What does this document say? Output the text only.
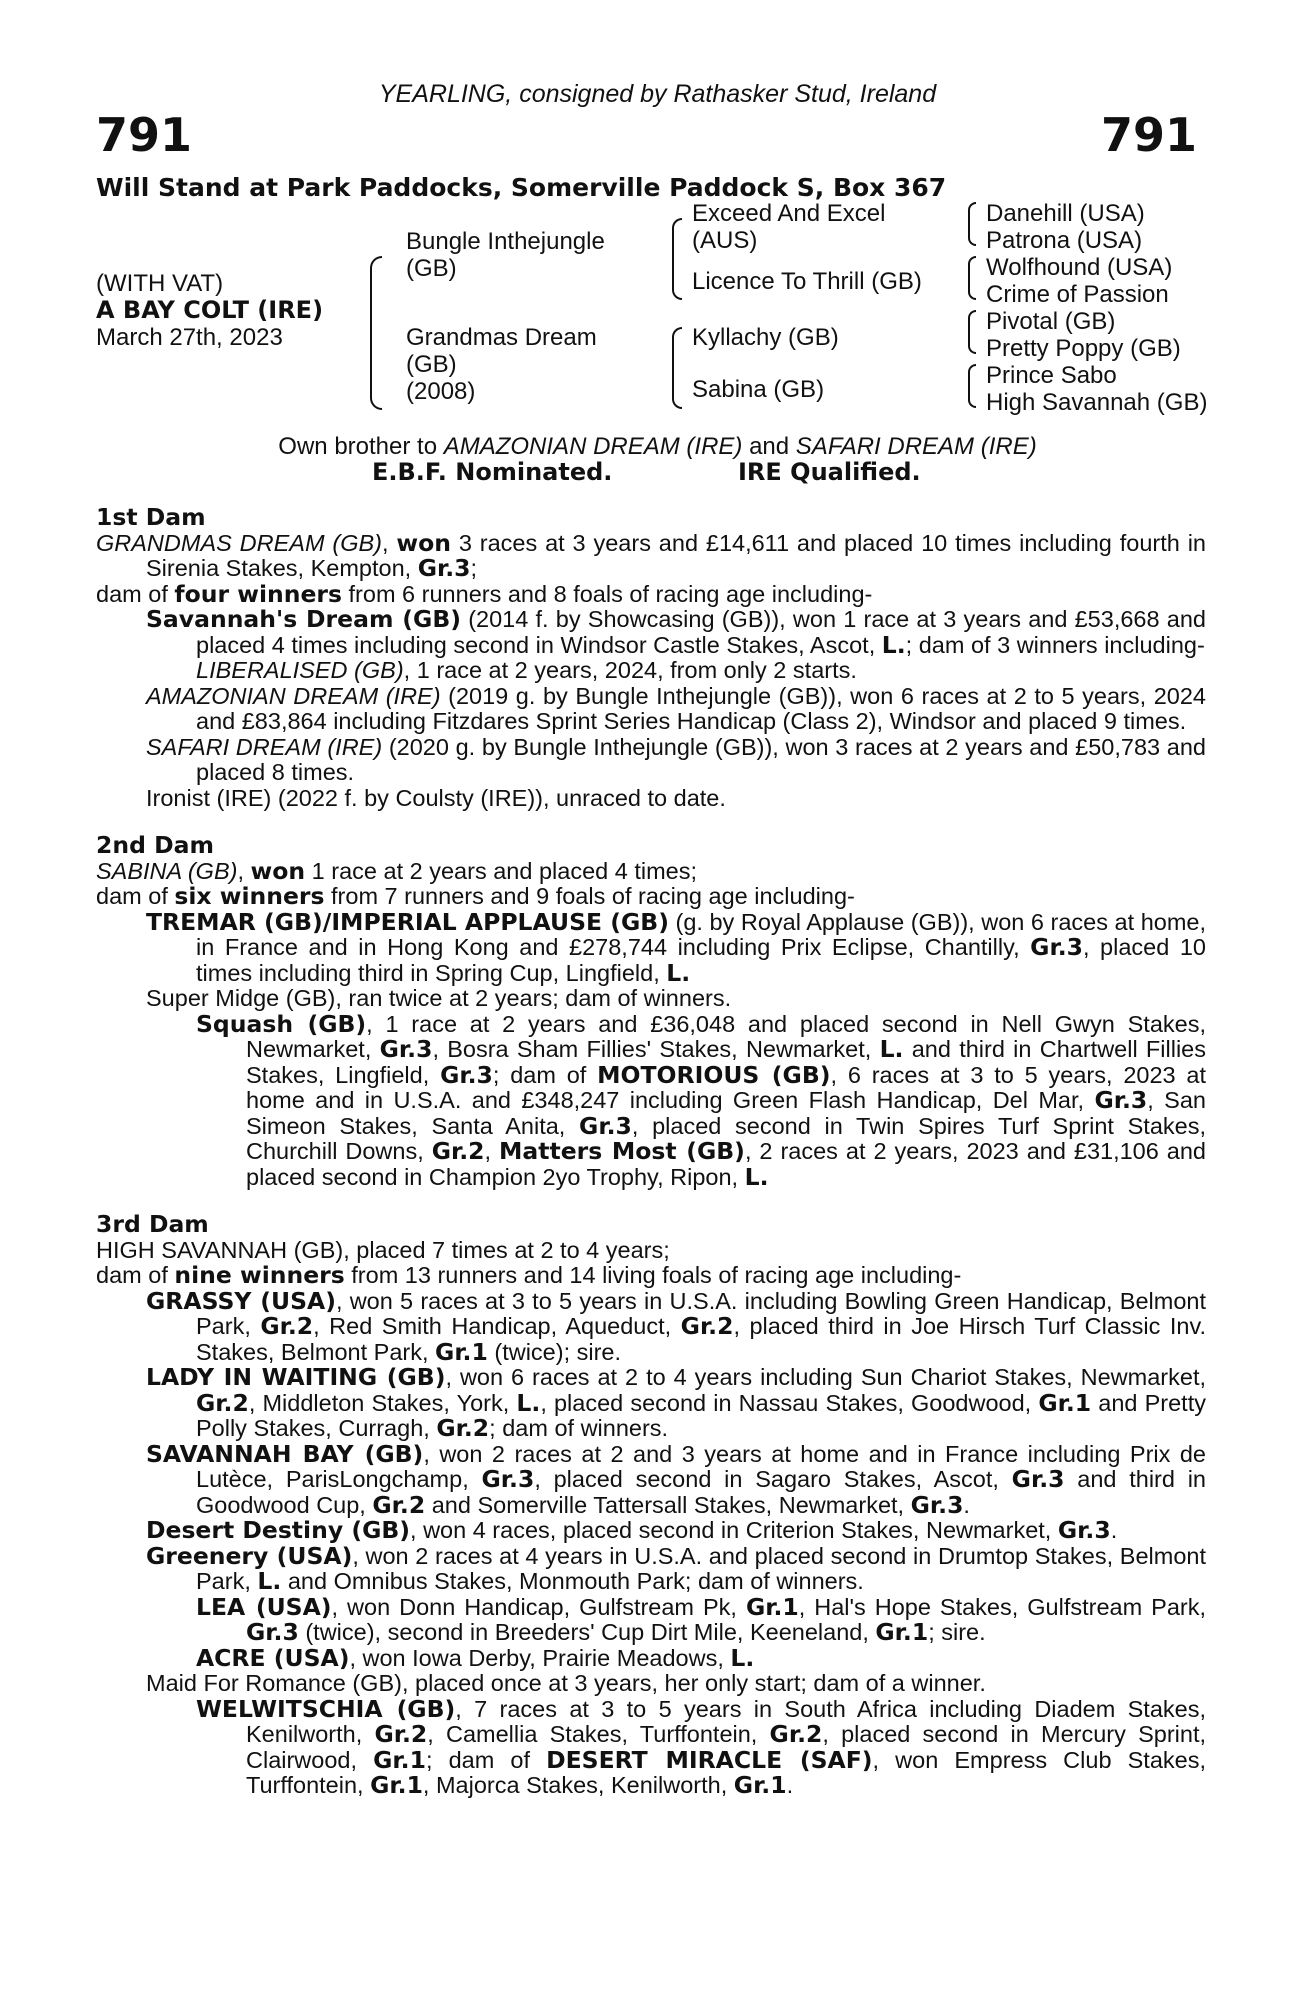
YEARLING, consigned by Rathasker Stud, Ireland
791	791
Will Stand at Park Paddocks, Somerville Paddock S, Box 367
(WITH VAT)
A BAY COLT (IRE)
March 27th, 2023
Bungle Inthejungle
(GB)
Grandmas Dream
(GB)
(2008)
Exceed And Excel
(AUS)
Licence To Thrill (GB)
Kyllachy (GB)
Sabina (GB)
Danehill (USA)
Patrona (USA)
Wolfhound (USA)
Crime of Passion
Pivotal (GB)
Pretty Poppy (GB)
Prince Sabo
High Savannah (GB)
Own brother to AMAZONIAN DREAM (IRE) and SAFARI DREAM (IRE)
E.B.F. Nominated.	IRE Qualified.
1st Dam
GRANDMAS DREAM (GB), won 3 races at 3 years and £14,611 and placed 10 times including fourth in Sirenia Stakes, Kempton, Gr.3;
dam of four winners from 6 runners and 8 foals of racing age including-
Savannah's Dream (GB) (2014 f. by Showcasing (GB)), won 1 race at 3 years and £53,668 and placed 4 times including second in Windsor Castle Stakes, Ascot, L.; dam of 3 winners including-
LIBERALISED (GB), 1 race at 2 years, 2024, from only 2 starts.
AMAZONIAN DREAM (IRE) (2019 g. by Bungle Inthejungle (GB)), won 6 races at 2 to 5 years, 2024 and £83,864 including Fitzdares Sprint Series Handicap (Class 2), Windsor and placed 9 times.
SAFARI DREAM (IRE) (2020 g. by Bungle Inthejungle (GB)), won 3 races at 2 years and £50,783 and placed 8 times.
Ironist (IRE) (2022 f. by Coulsty (IRE)), unraced to date.
2nd Dam
SABINA (GB), won 1 race at 2 years and placed 4 times;
dam of six winners from 7 runners and 9 foals of racing age including-
TREMAR (GB)/IMPERIAL APPLAUSE (GB) (g. by Royal Applause (GB)), won 6 races at home, in France and in Hong Kong and £278,744 including Prix Eclipse, Chantilly, Gr.3, placed 10 times including third in Spring Cup, Lingfield, L.
Super Midge (GB), ran twice at 2 years; dam of winners.
Squash (GB), 1 race at 2 years and £36,048 and placed second in Nell Gwyn Stakes, Newmarket, Gr.3, Bosra Sham Fillies' Stakes, Newmarket, L. and third in Chartwell Fillies Stakes, Lingfield, Gr.3; dam of MOTORIOUS (GB), 6 races at 3 to 5 years, 2023 at home and in U.S.A. and £348,247 including Green Flash Handicap, Del Mar, Gr.3, San Simeon Stakes, Santa Anita, Gr.3, placed second in Twin Spires Turf Sprint Stakes, Churchill Downs, Gr.2, Matters Most (GB), 2 races at 2 years, 2023 and £31,106 and placed second in Champion 2yo Trophy, Ripon, L.
3rd Dam
HIGH SAVANNAH (GB), placed 7 times at 2 to 4 years;
dam of nine winners from 13 runners and 14 living foals of racing age including-
GRASSY (USA), won 5 races at 3 to 5 years in U.S.A. including Bowling Green Handicap, Belmont Park, Gr.2, Red Smith Handicap, Aqueduct, Gr.2, placed third in Joe Hirsch Turf Classic Inv. Stakes, Belmont Park, Gr.1 (twice); sire.
LADY IN WAITING (GB), won 6 races at 2 to 4 years including Sun Chariot Stakes, Newmarket, Gr.2, Middleton Stakes, York, L., placed second in Nassau Stakes, Goodwood, Gr.1 and Pretty Polly Stakes, Curragh, Gr.2; dam of winners.
SAVANNAH BAY (GB), won 2 races at 2 and 3 years at home and in France including Prix de Lutèce, ParisLongchamp, Gr.3, placed second in Sagaro Stakes, Ascot, Gr.3 and third in Goodwood Cup, Gr.2 and Somerville Tattersall Stakes, Newmarket, Gr.3.
Desert Destiny (GB), won 4 races, placed second in Criterion Stakes, Newmarket, Gr.3.
Greenery (USA), won 2 races at 4 years in U.S.A. and placed second in Drumtop Stakes, Belmont Park, L. and Omnibus Stakes, Monmouth Park; dam of winners.
LEA (USA), won Donn Handicap, Gulfstream Pk, Gr.1, Hal's Hope Stakes, Gulfstream Park, Gr.3 (twice), second in Breeders' Cup Dirt Mile, Keeneland, Gr.1; sire.
ACRE (USA), won Iowa Derby, Prairie Meadows, L.
Maid For Romance (GB), placed once at 3 years, her only start; dam of a winner.
WELWITSCHIA (GB), 7 races at 3 to 5 years in South Africa including Diadem Stakes, Kenilworth, Gr.2, Camellia Stakes, Turffontein, Gr.2, placed second in Mercury Sprint, Clairwood, Gr.1; dam of DESERT MIRACLE (SAF), won Empress Club Stakes, Turffontein, Gr.1, Majorca Stakes, Kenilworth, Gr.1.
